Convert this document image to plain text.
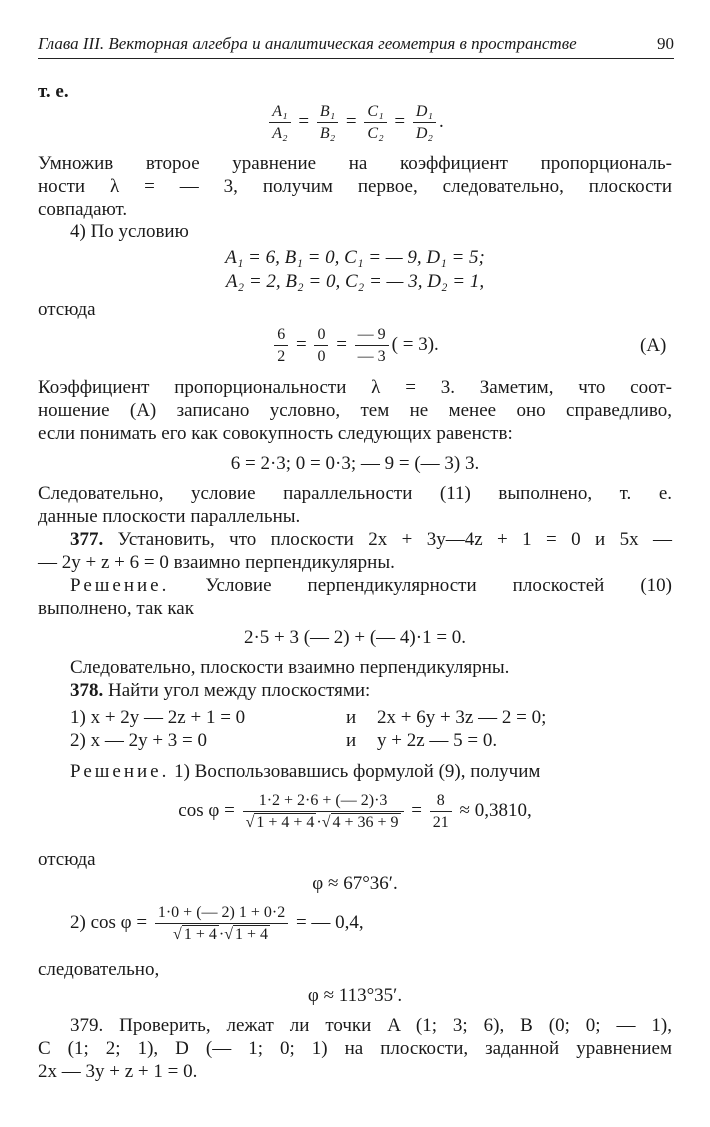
Глава III. Векторная алгебра и аналитическая геометрия в пространстве	90
т. е.
$\frac{\text{A₁}}{\text{A₂}} = \frac{\text{B₁}}{\text{B₂}} = \frac{\text{C₁}}{\text{C₂}} = \frac{\text{D₁}}{\text{D₂}}$ .
Умножив второе уравнение на коэффициент пропорциональ-
ности λ = — 3, получим первое, следовательно, плоскости
совпадают.
4) По условию
A₁ = 6, B₁ = 0, C₁ = — 9, D₁ = 5;
A₂ = 2, B₂ = 0, C₂ = — 3, D₂ = 1,
отсюда
$\frac{6}{2} = \frac{0}{0} = \frac{— 9}{— 3}$ ( = 3).	(A)
Коэффициент пропорциональности λ = 3. Заметим, что соот-
ношение (A) записано условно, тем не менее оно справедливо,
если понимать его как совокупность следующих равенств:
6 = 2·3; 0 = 0·3; — 9 = (— 3) 3.
Следовательно, условие параллельности (11) выполнено, т. е.
данные плоскости параллельны.
377. Установить, что плоскости 2x + 3y—4z + 1 = 0 и 5x —
— 2y + z + 6 = 0 взаимно перпендикулярны.
Решение. Условие перпендикулярности плоскостей (10)
выполнено, так как
2·5 + 3 (— 2) + (— 4)·1 = 0.
Следовательно, плоскости взаимно перпендикулярны.
378. Найти угол между плоскостями:
1) x + 2y — 2z + 1 = 0	и 2x + 6y + 3z — 2 = 0;
2) x — 2y + 3 = 0	и y + 2z — 5 = 0.
Решение. 1) Воспользовавшись формулой (9), получим
$\cos \varphi = \frac{1\cdot 2 + 2\cdot 6 + (— 2)\cdot 3}{√ 1 + 4 + 4 \cdot√ 4 + 36 + 9} = \frac{8}{21} \approx 0,3810$,
отсюда
φ ≈ 67°36′.
2) $\cos \varphi = \frac{1\cdot 0 + (— 2) 1 + 0\cdot 2}{√ 1 + 4 \cdot√ 1 + 4}$ = — 0,4,
следовательно,
φ ≈ 113°35′.
379. Проверить, лежат ли точки A (1; 3; 6), B (0; 0; — 1),
C (1; 2; 1), D (— 1; 0; 1) на плоскости, заданной уравнением
2x — 3y + z + 1 = 0.
